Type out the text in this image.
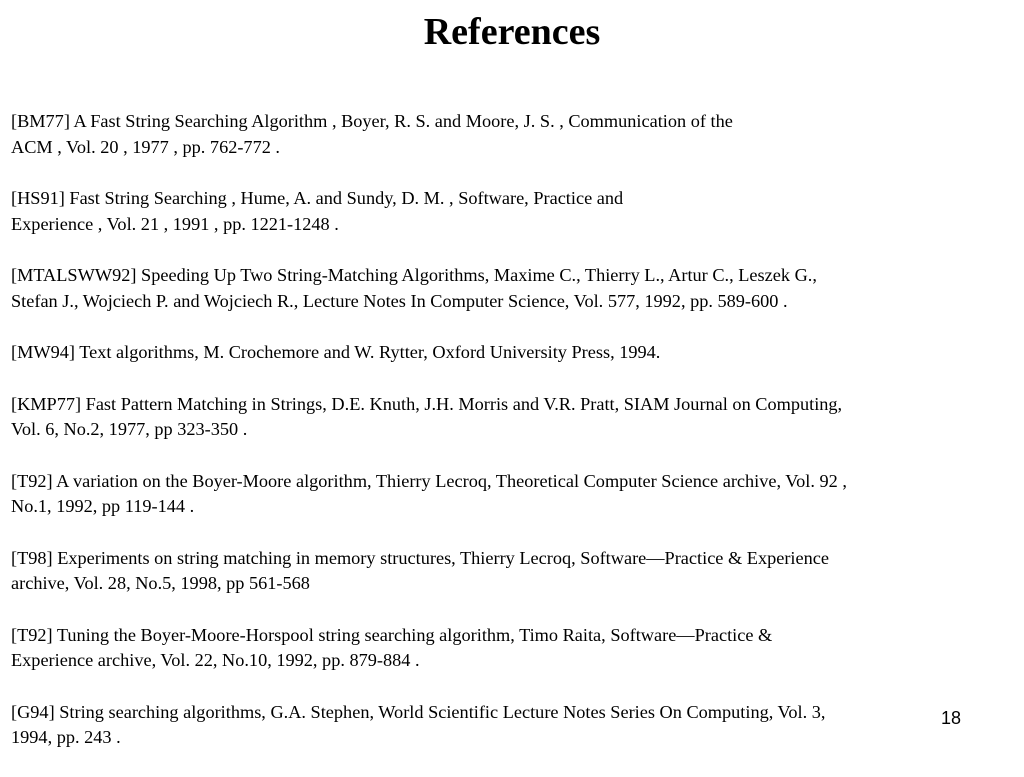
References

[BM77] A Fast String Searching Algorithm , Boyer, R. S. and Moore, J. S. , Communication of the
ACM , Vol. 20 , 1977 , pp. 762-772 .

[HS91] Fast String Searching , Hume, A. and Sundy, D. M. , Software, Practice and
Experience , Vol. 21 , 1991 , pp. 1221-1248 .

[MTALSWW92] Speeding Up Two String-Matching Algorithms, Maxime C., Thierry L., Artur C., Leszek G.,
Stefan J., Wojciech P. and Wojciech R., Lecture Notes In Computer Science, Vol. 577, 1992, pp. 589-600 .

[MW94] Text algorithms, M. Crochemore and W. Rytter, Oxford University Press, 1994.

[KMP77] Fast Pattern Matching in Strings, D.E. Knuth, J.H. Morris and V.R. Pratt, SIAM Journal on Computing,
Vol. 6, No.2, 1977, pp 323-350 .

[T92] A variation on the Boyer-Moore algorithm, Thierry Lecroq, Theoretical Computer Science archive, Vol. 92 ,
No.1, 1992, pp 119-144 .

[T98] Experiments on string matching in memory structures, Thierry Lecroq, Software—Practice & Experience
archive, Vol. 28, No.5, 1998, pp 561-568

[T92] Tuning the Boyer-Moore-Horspool string searching algorithm, Timo Raita, Software—Practice &
Experience archive, Vol. 22, No.10, 1992, pp. 879-884 .

[G94] String searching algorithms, G.A. Stephen, World Scientific Lecture Notes Series On Computing, Vol. 3,
1994, pp. 243 .

18
